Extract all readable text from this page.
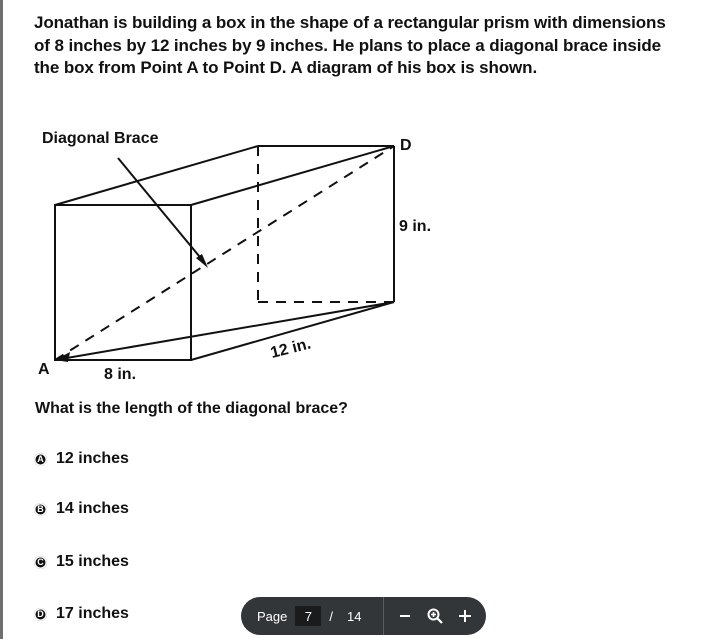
Jonathan is building a box in the shape of a rectangular prism with dimensions of 8 inches by 12 inches by 9 inches. He plans to place a diagonal brace inside the box from Point A to Point D. A diagram of his box is shown.

Diagonal Brace
A
D
9 in.
12 in.
8 in.

What is the length of the diagonal brace?

A 12 inches
B 14 inches
C 15 inches
D 17 inches	Page
7	/ 14
